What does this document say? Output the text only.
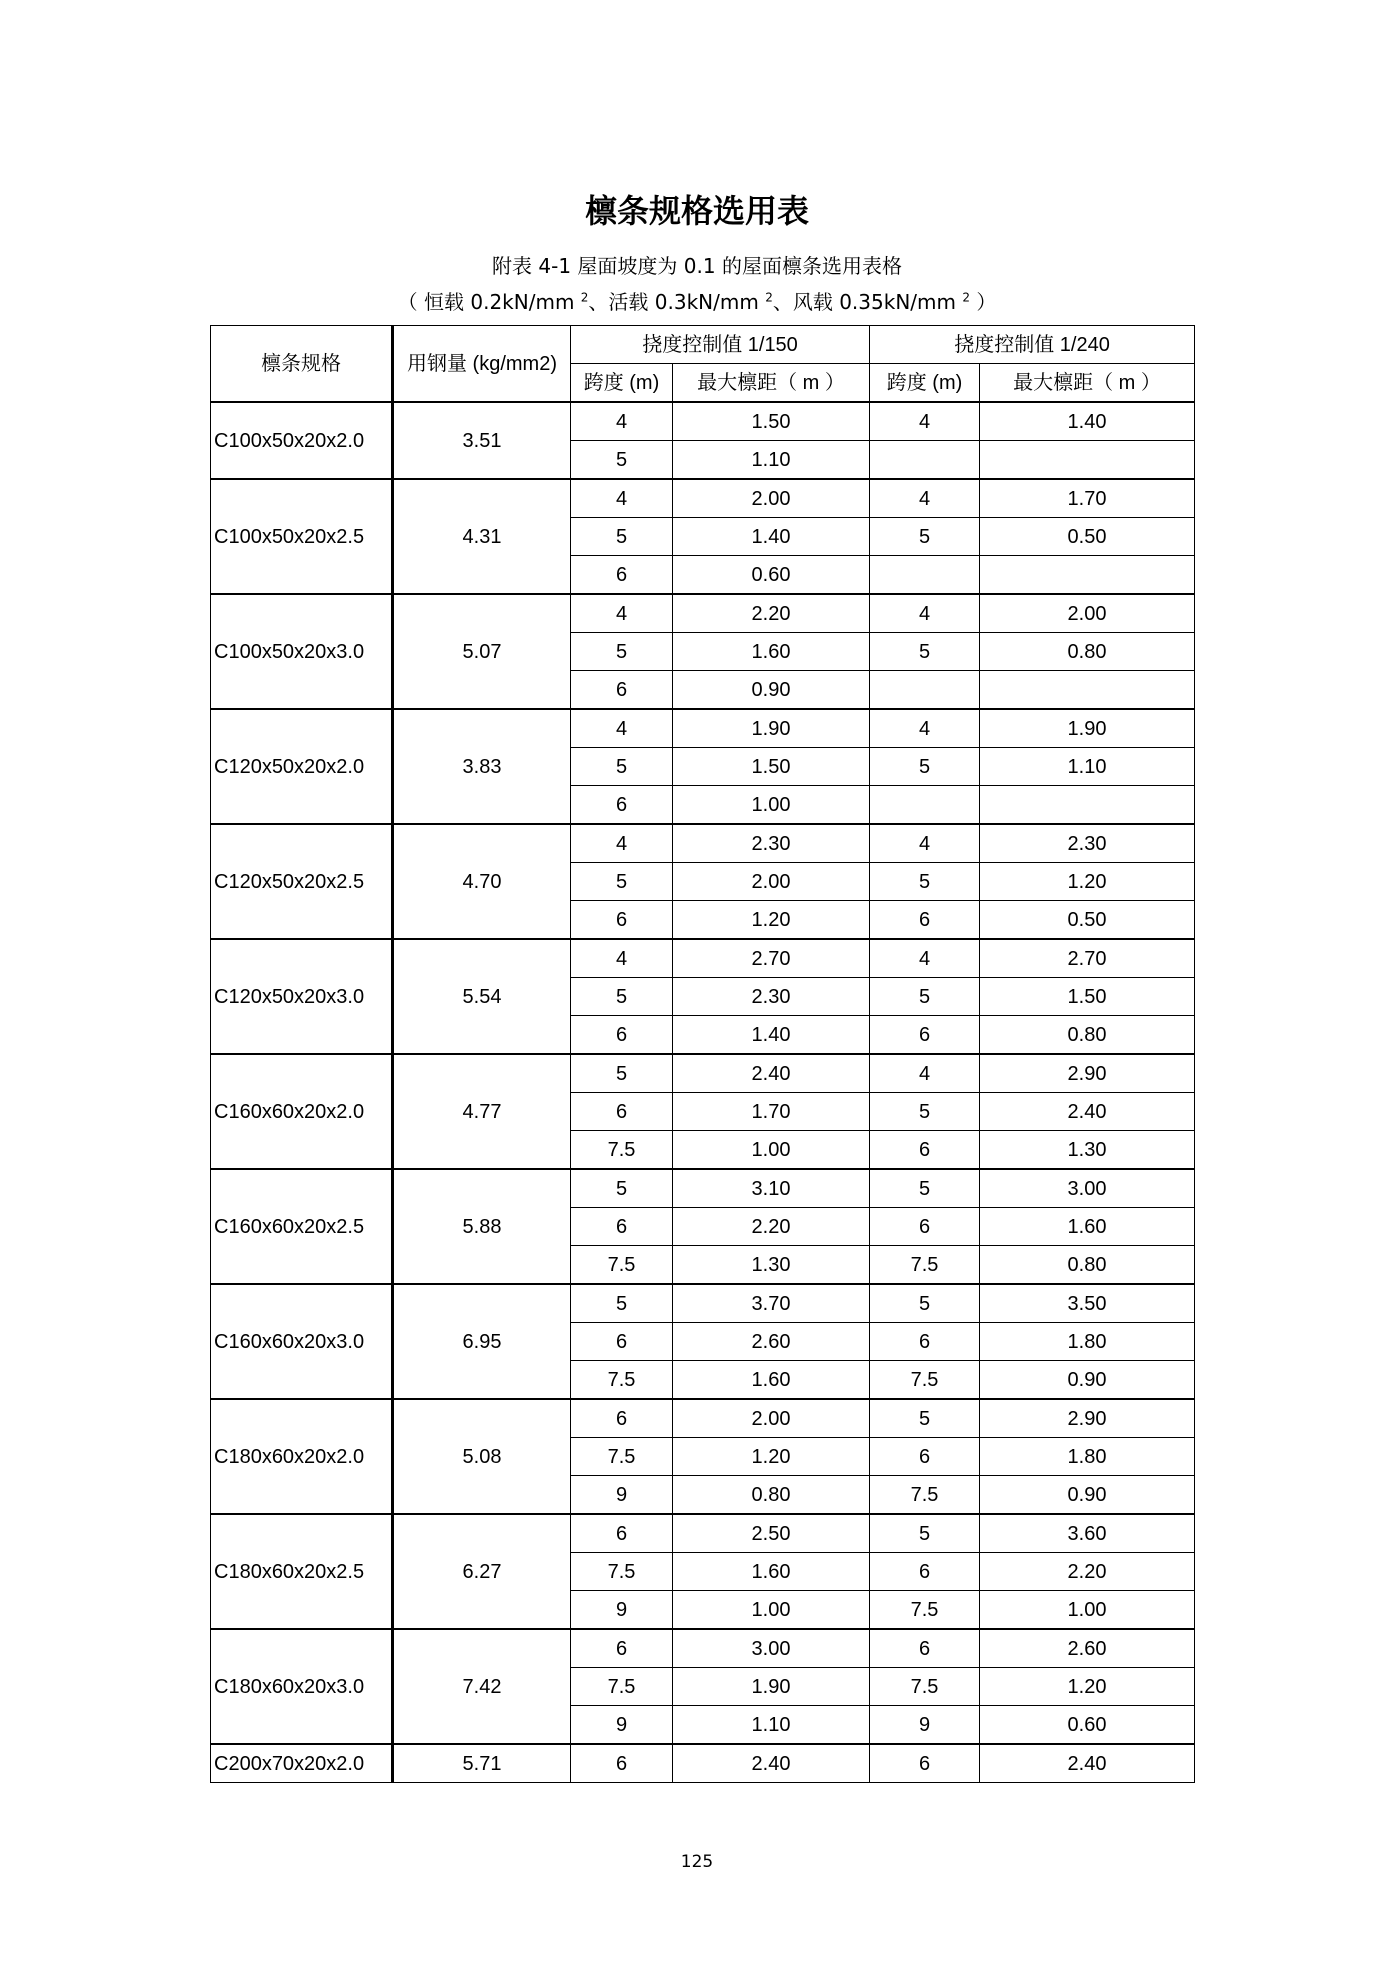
檩条规格选用表
附表 4-1 屋面坡度为 0.1 的屋面檩条选用表格
（ 恒载 0.2kN/mm $^2$、活载 0.3kN/mm $^2$、风载 0.35kN/mm $^2$ ）
檩条规格	用钢量 (kg/mm2)	挠度控制值 1/150		挠度控制值 1/240	
		跨度 (m)	最大檩距（ m ）	跨度 (m)	最大檩距（ m ）
C100x50x20x2.0	3.51	4	1.50	4	1.40
		5	1.10		
C100x50x20x2.5	4.31	4	2.00	4	1.70
		5	1.40	5	0.50
		6	0.60		
C100x50x20x3.0	5.07	4	2.20	4	2.00
		5	1.60	5	0.80
		6	0.90		
C120x50x20x2.0	3.83	4	1.90	4	1.90
		5	1.50	5	1.10
		6	1.00		
C120x50x20x2.5	4.70	4	2.30	4	2.30
		5	2.00	5	1.20
		6	1.20	6	0.50
C120x50x20x3.0	5.54	4	2.70	4	2.70
		5	2.30	5	1.50
		6	1.40	6	0.80
C160x60x20x2.0	4.77	5	2.40	4	2.90
		6	1.70	5	2.40
		7.5	1.00	6	1.30
C160x60x20x2.5	5.88	5	3.10	5	3.00
		6	2.20	6	1.60
		7.5	1.30	7.5	0.80
C160x60x20x3.0	6.95	5	3.70	5	3.50
		6	2.60	6	1.80
		7.5	1.60	7.5	0.90
C180x60x20x2.0	5.08	6	2.00	5	2.90
		7.5	1.20	6	1.80
		9	0.80	7.5	0.90
C180x60x20x2.5	6.27	6	2.50	5	3.60
		7.5	1.60	6	2.20
		9	1.00	7.5	1.00
C180x60x20x3.0	7.42	6	3.00	6	2.60
		7.5	1.90	7.5	1.20
		9	1.10	9	0.60
C200x70x20x2.0	5.71	6	2.40	6	2.40
125
